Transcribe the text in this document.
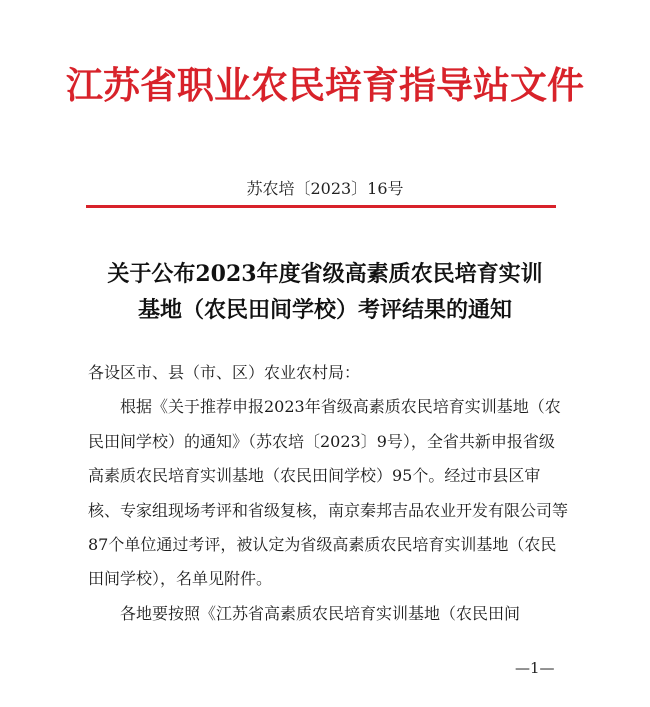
江苏省职业农民培育指导站文件
苏农培〔2023〕16号
关于公布2023年度省级高素质农民培育实训
基地（农民田间学校）考评结果的通知

各设区市、县（市、区）农业农村局：

根据《关于推荐申报2023年省级高素质农民培育实训基地（农民田间学校）的通知》（苏农培〔2023〕9号），全省共新申报省级高素质农民培育实训基地（农民田间学校）95个。经过市县区审核、专家组现场考评和省级复核，南京秦邦吉品农业开发有限公司等87个单位通过考评，被认定为省级高素质农民培育实训基地（农民田间学校），名单见附件。

各地要按照《江苏省高素质农民培育实训基地（农民田间

—1—
